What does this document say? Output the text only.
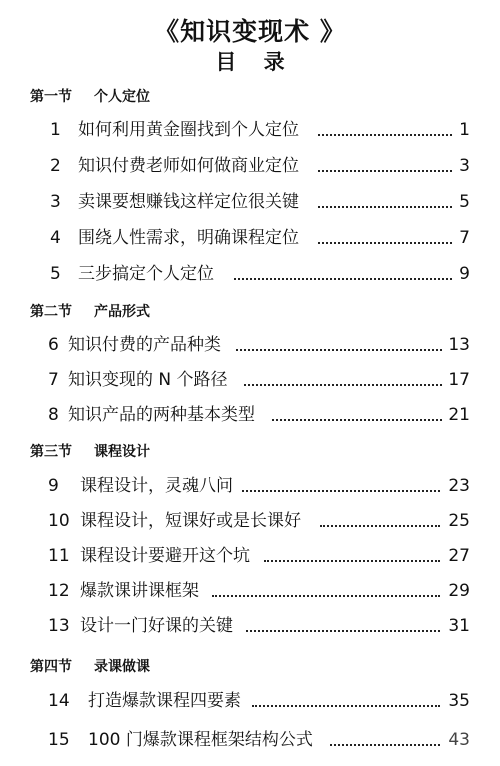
《知识变现术 》
目 录
第一节 个人定位
1 如何利用黄金圈找到个人定位	1
2 知识付费老师如何做商业定位	3
3 卖课要想赚钱这样定位很关键	5
4 围绕人性需求，明确课程定位	7
5 三步搞定个人定位	9
第二节 产品形式
6 知识付费的产品种类	13
7 知识变现的 N 个路径	17
8 知识产品的两种基本类型	21
第三节 课程设计
9 课程设计，灵魂八问	23
10 课程设计，短课好或是长课好	25
11 课程设计要避开这个坑	27
12 爆款课讲课框架	29
13 设计一门好课的关键	31
第四节 录课做课
14 打造爆款课程四要素	35
15 100 门爆款课程框架结构公式	43
